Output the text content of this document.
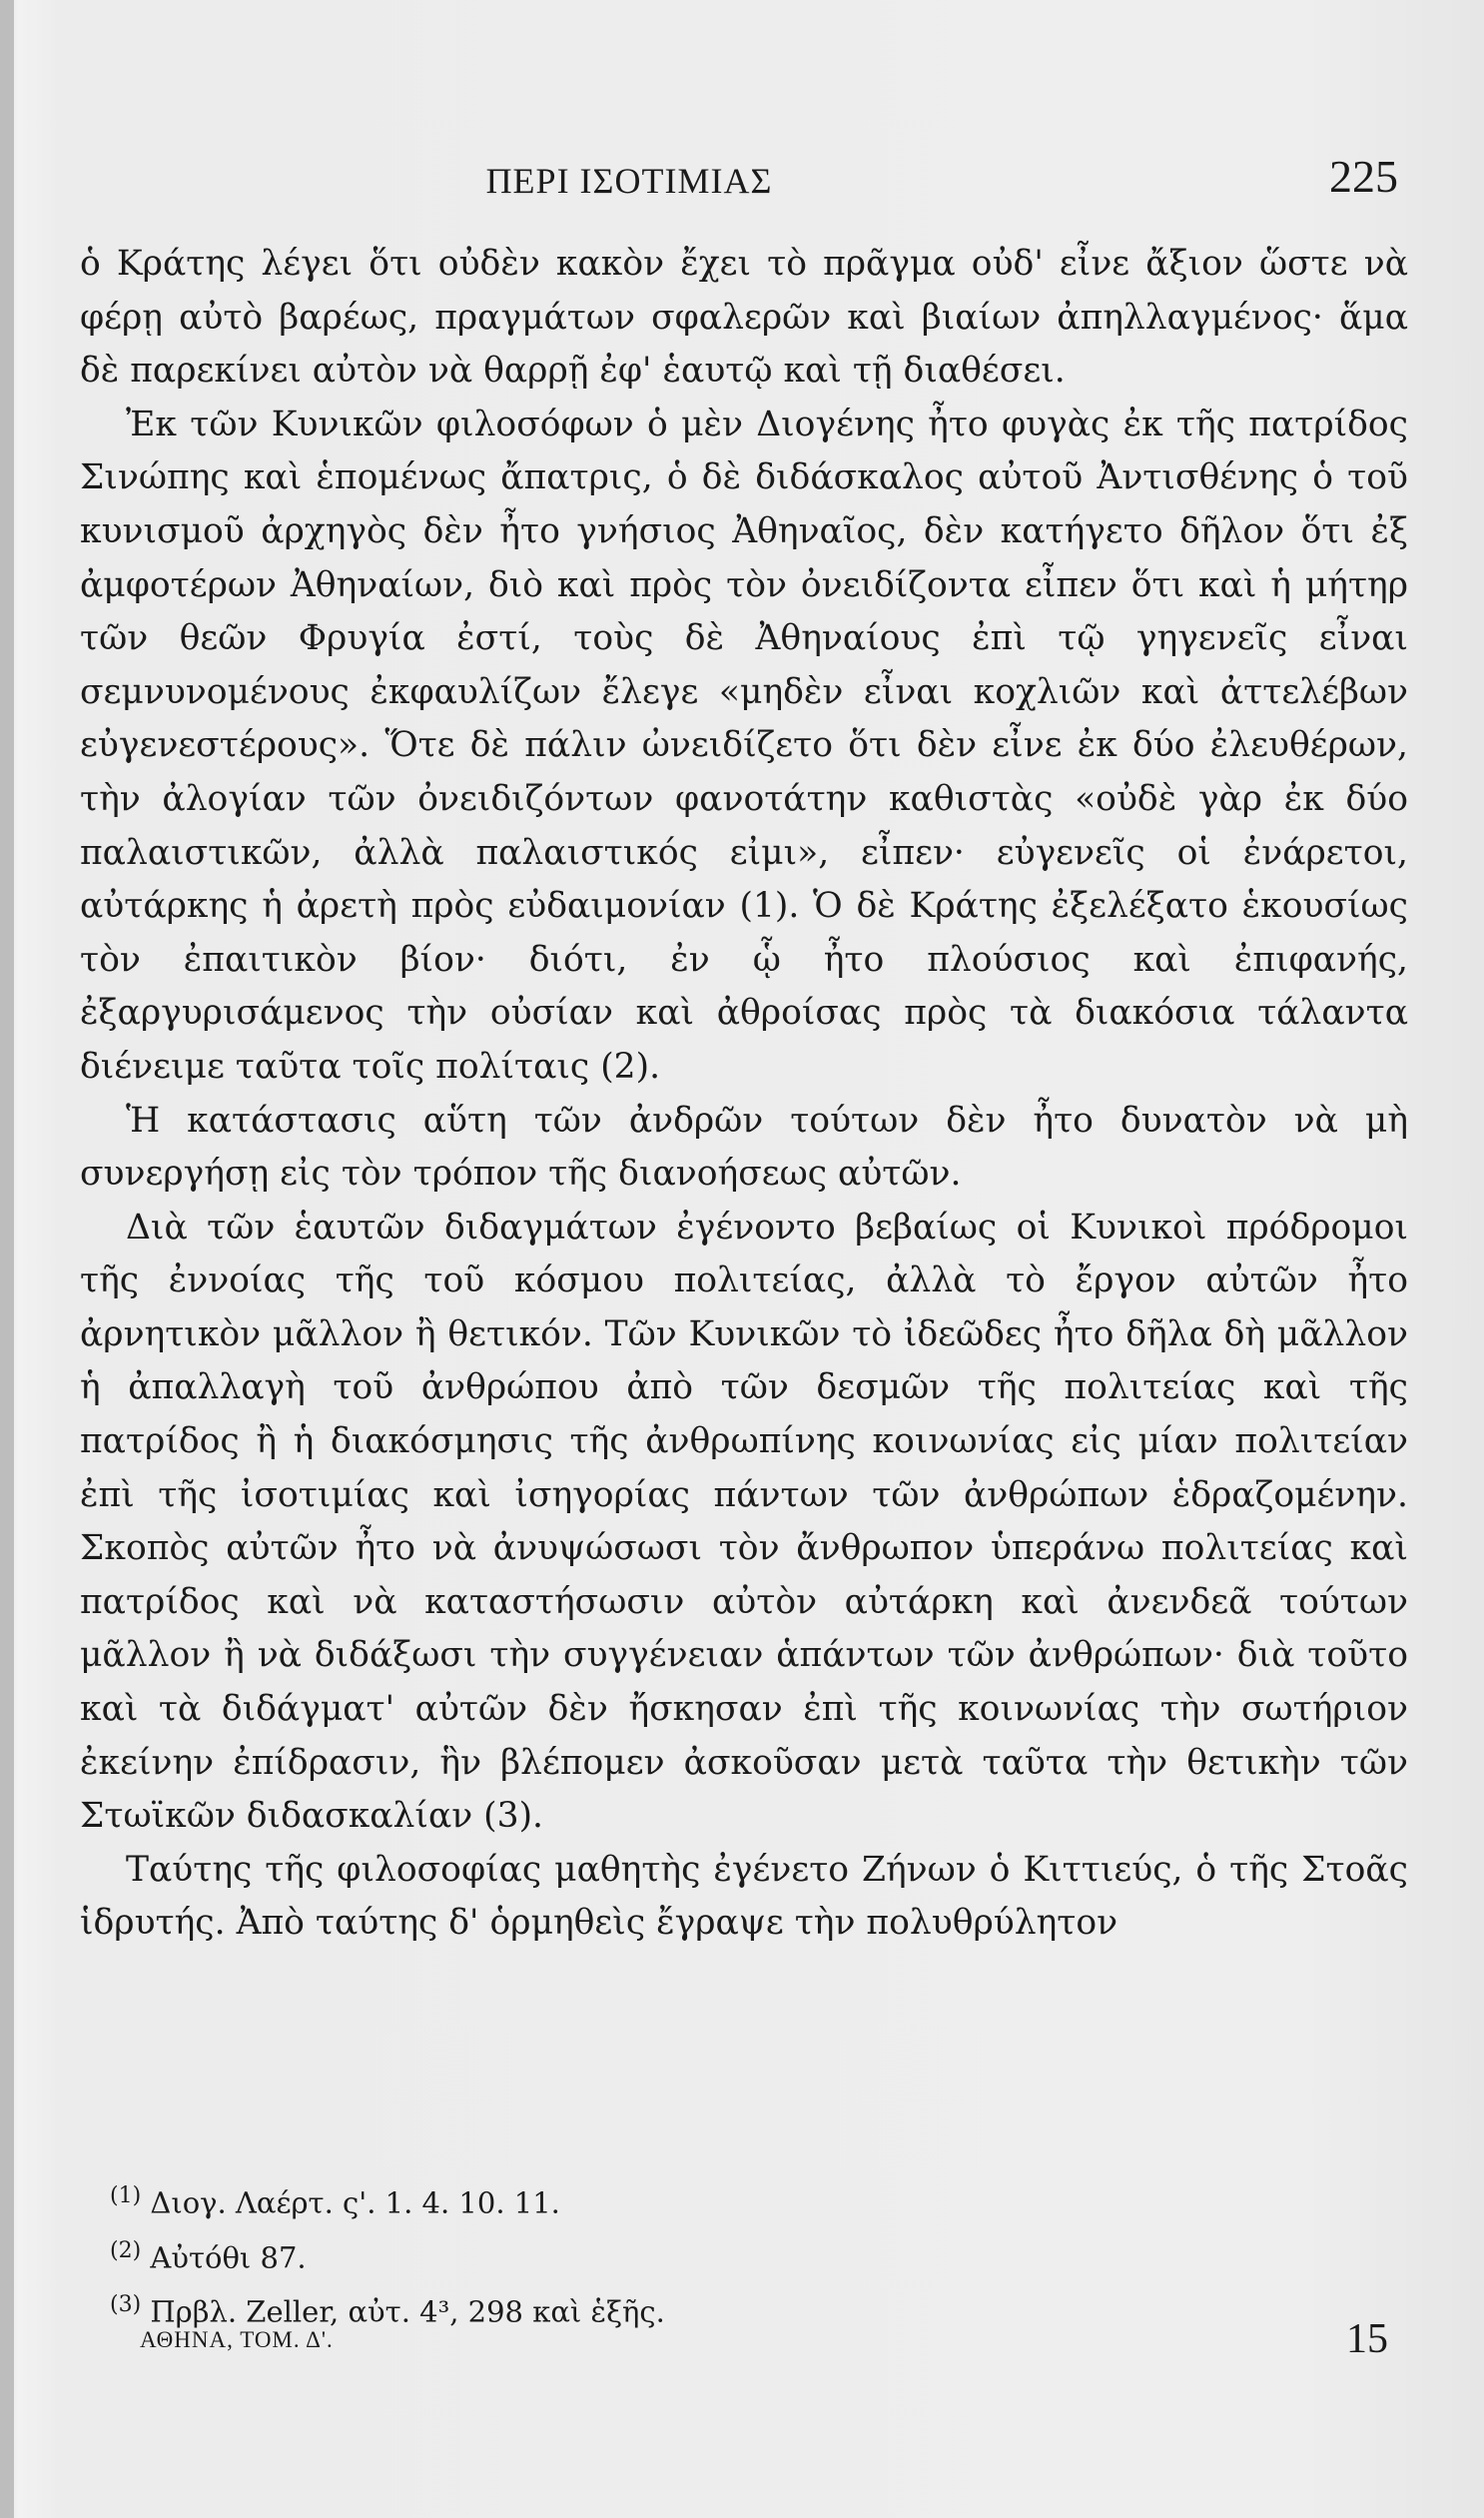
ΠΕΡΙ ΙΣΟΤΙΜΙΑΣ	225

ὁ Κράτης λέγει ὅτι οὐδὲν κακὸν ἔχει τὸ πρᾶγμα οὐδ' εἶνε ἄξιον ὥστε νὰ φέρῃ αὐτὸ βαρέως, πραγμάτων σφαλερῶν καὶ βιαίων ἀπηλλαγμένος· ἅμα δὲ παρεκίνει αὐτὸν νὰ θαρρῇ ἐφ' ἑαυτῷ καὶ τῇ διαθέσει.

Ἐκ τῶν Κυνικῶν φιλοσόφων ὁ μὲν Διογένης ἦτο φυγὰς ἐκ τῆς πατρίδος Σινώπης καὶ ἑπομένως ἄπατρις, ὁ δὲ διδάσκαλος αὐτοῦ Ἀντισθένης ὁ τοῦ κυνισμοῦ ἀρχηγὸς δὲν ἦτο γνήσιος Ἀθηναῖος, δὲν κατήγετο δῆλον ὅτι ἐξ ἀμφοτέρων Ἀθηναίων, διὸ καὶ πρὸς τὸν ὀνειδίζοντα εἶπεν ὅτι καὶ ἡ μήτηρ τῶν θεῶν Φρυγία ἐστί, τοὺς δὲ Ἀθηναίους ἐπὶ τῷ γηγενεῖς εἶναι σεμνυνομένους ἐκφαυλίζων ἔλεγε «μηδὲν εἶναι κοχλιῶν καὶ ἀττελέβων εὐγενεστέρους». Ὅτε δὲ πάλιν ὠνειδίζετο ὅτι δὲν εἶνε ἐκ δύο ἐλευθέρων, τὴν ἀλογίαν τῶν ὀνειδιζόντων φανοτάτην καθιστὰς «οὐδὲ γὰρ ἐκ δύο παλαιστικῶν, ἀλλὰ παλαιστικός εἰμι», εἶπεν· εὐγενεῖς οἱ ἐνάρετοι, αὐτάρκης ἡ ἀρετὴ πρὸς εὐδαιμονίαν (1). Ὁ δὲ Κράτης ἐξελέξατο ἑκουσίως τὸν ἐπαιτικὸν βίον· διότι, ἐν ᾧ ἦτο πλούσιος καὶ ἐπιφανής, ἐξαργυρισάμενος τὴν οὐσίαν καὶ ἀθροίσας πρὸς τὰ διακόσια τάλαντα διένειμε ταῦτα τοῖς πολίταις (2).

Ἡ κατάστασις αὕτη τῶν ἀνδρῶν τούτων δὲν ἦτο δυνατὸν νὰ μὴ συνεργήσῃ εἰς τὸν τρόπον τῆς διανοήσεως αὐτῶν.

Διὰ τῶν ἑαυτῶν διδαγμάτων ἐγένοντο βεβαίως οἱ Κυνικοὶ πρόδρομοι τῆς ἐννοίας τῆς τοῦ κόσμου πολιτείας, ἀλλὰ τὸ ἔργον αὐτῶν ἦτο ἀρνητικὸν μᾶλλον ἢ θετικόν. Τῶν Κυνικῶν τὸ ἰδεῶδες ἦτο δῆλα δὴ μᾶλλον ἡ ἀπαλλαγὴ τοῦ ἀνθρώπου ἀπὸ τῶν δεσμῶν τῆς πολιτείας καὶ τῆς πατρίδος ἢ ἡ διακόσμησις τῆς ἀνθρωπίνης κοινωνίας εἰς μίαν πολιτείαν ἐπὶ τῆς ἰσοτιμίας καὶ ἰσηγορίας πάντων τῶν ἀνθρώπων ἑδραζομένην. Σκοπὸς αὐτῶν ἦτο νὰ ἀνυψώσωσι τὸν ἄνθρωπον ὑπεράνω πολιτείας καὶ πατρίδος καὶ νὰ καταστήσωσιν αὐτὸν αὐτάρκη καὶ ἀνενδεᾶ τούτων μᾶλλον ἢ νὰ διδάξωσι τὴν συγγένειαν ἁπάντων τῶν ἀνθρώπων· διὰ τοῦτο καὶ τὰ διδάγματ' αὐτῶν δὲν ἤσκησαν ἐπὶ τῆς κοινωνίας τὴν σωτήριον ἐκείνην ἐπίδρασιν, ἣν βλέπομεν ἀσκοῦσαν μετὰ ταῦτα τὴν θετικὴν τῶν Στωϊκῶν διδασκαλίαν (3).

Ταύτης τῆς φιλοσοφίας μαθητὴς ἐγένετο Ζήνων ὁ Κιττιεύς, ὁ τῆς Στοᾶς ἱδρυτής. Ἀπὸ ταύτης δ' ὁρμηθεὶς ἔγραψε τὴν πολυθρύλητον

$^{(1)}$ Διογ. Λαέρτ. ς'. 1. 4. 10. 11.
$^{(2)}$ Αὐτόθι 87.
$^{(3)}$ Πρβλ. Zeller, αὐτ. 4³, 298 καὶ ἑξῆς.
ΑΘΗΝΑ, ΤΟΜ. Δ'.	15
